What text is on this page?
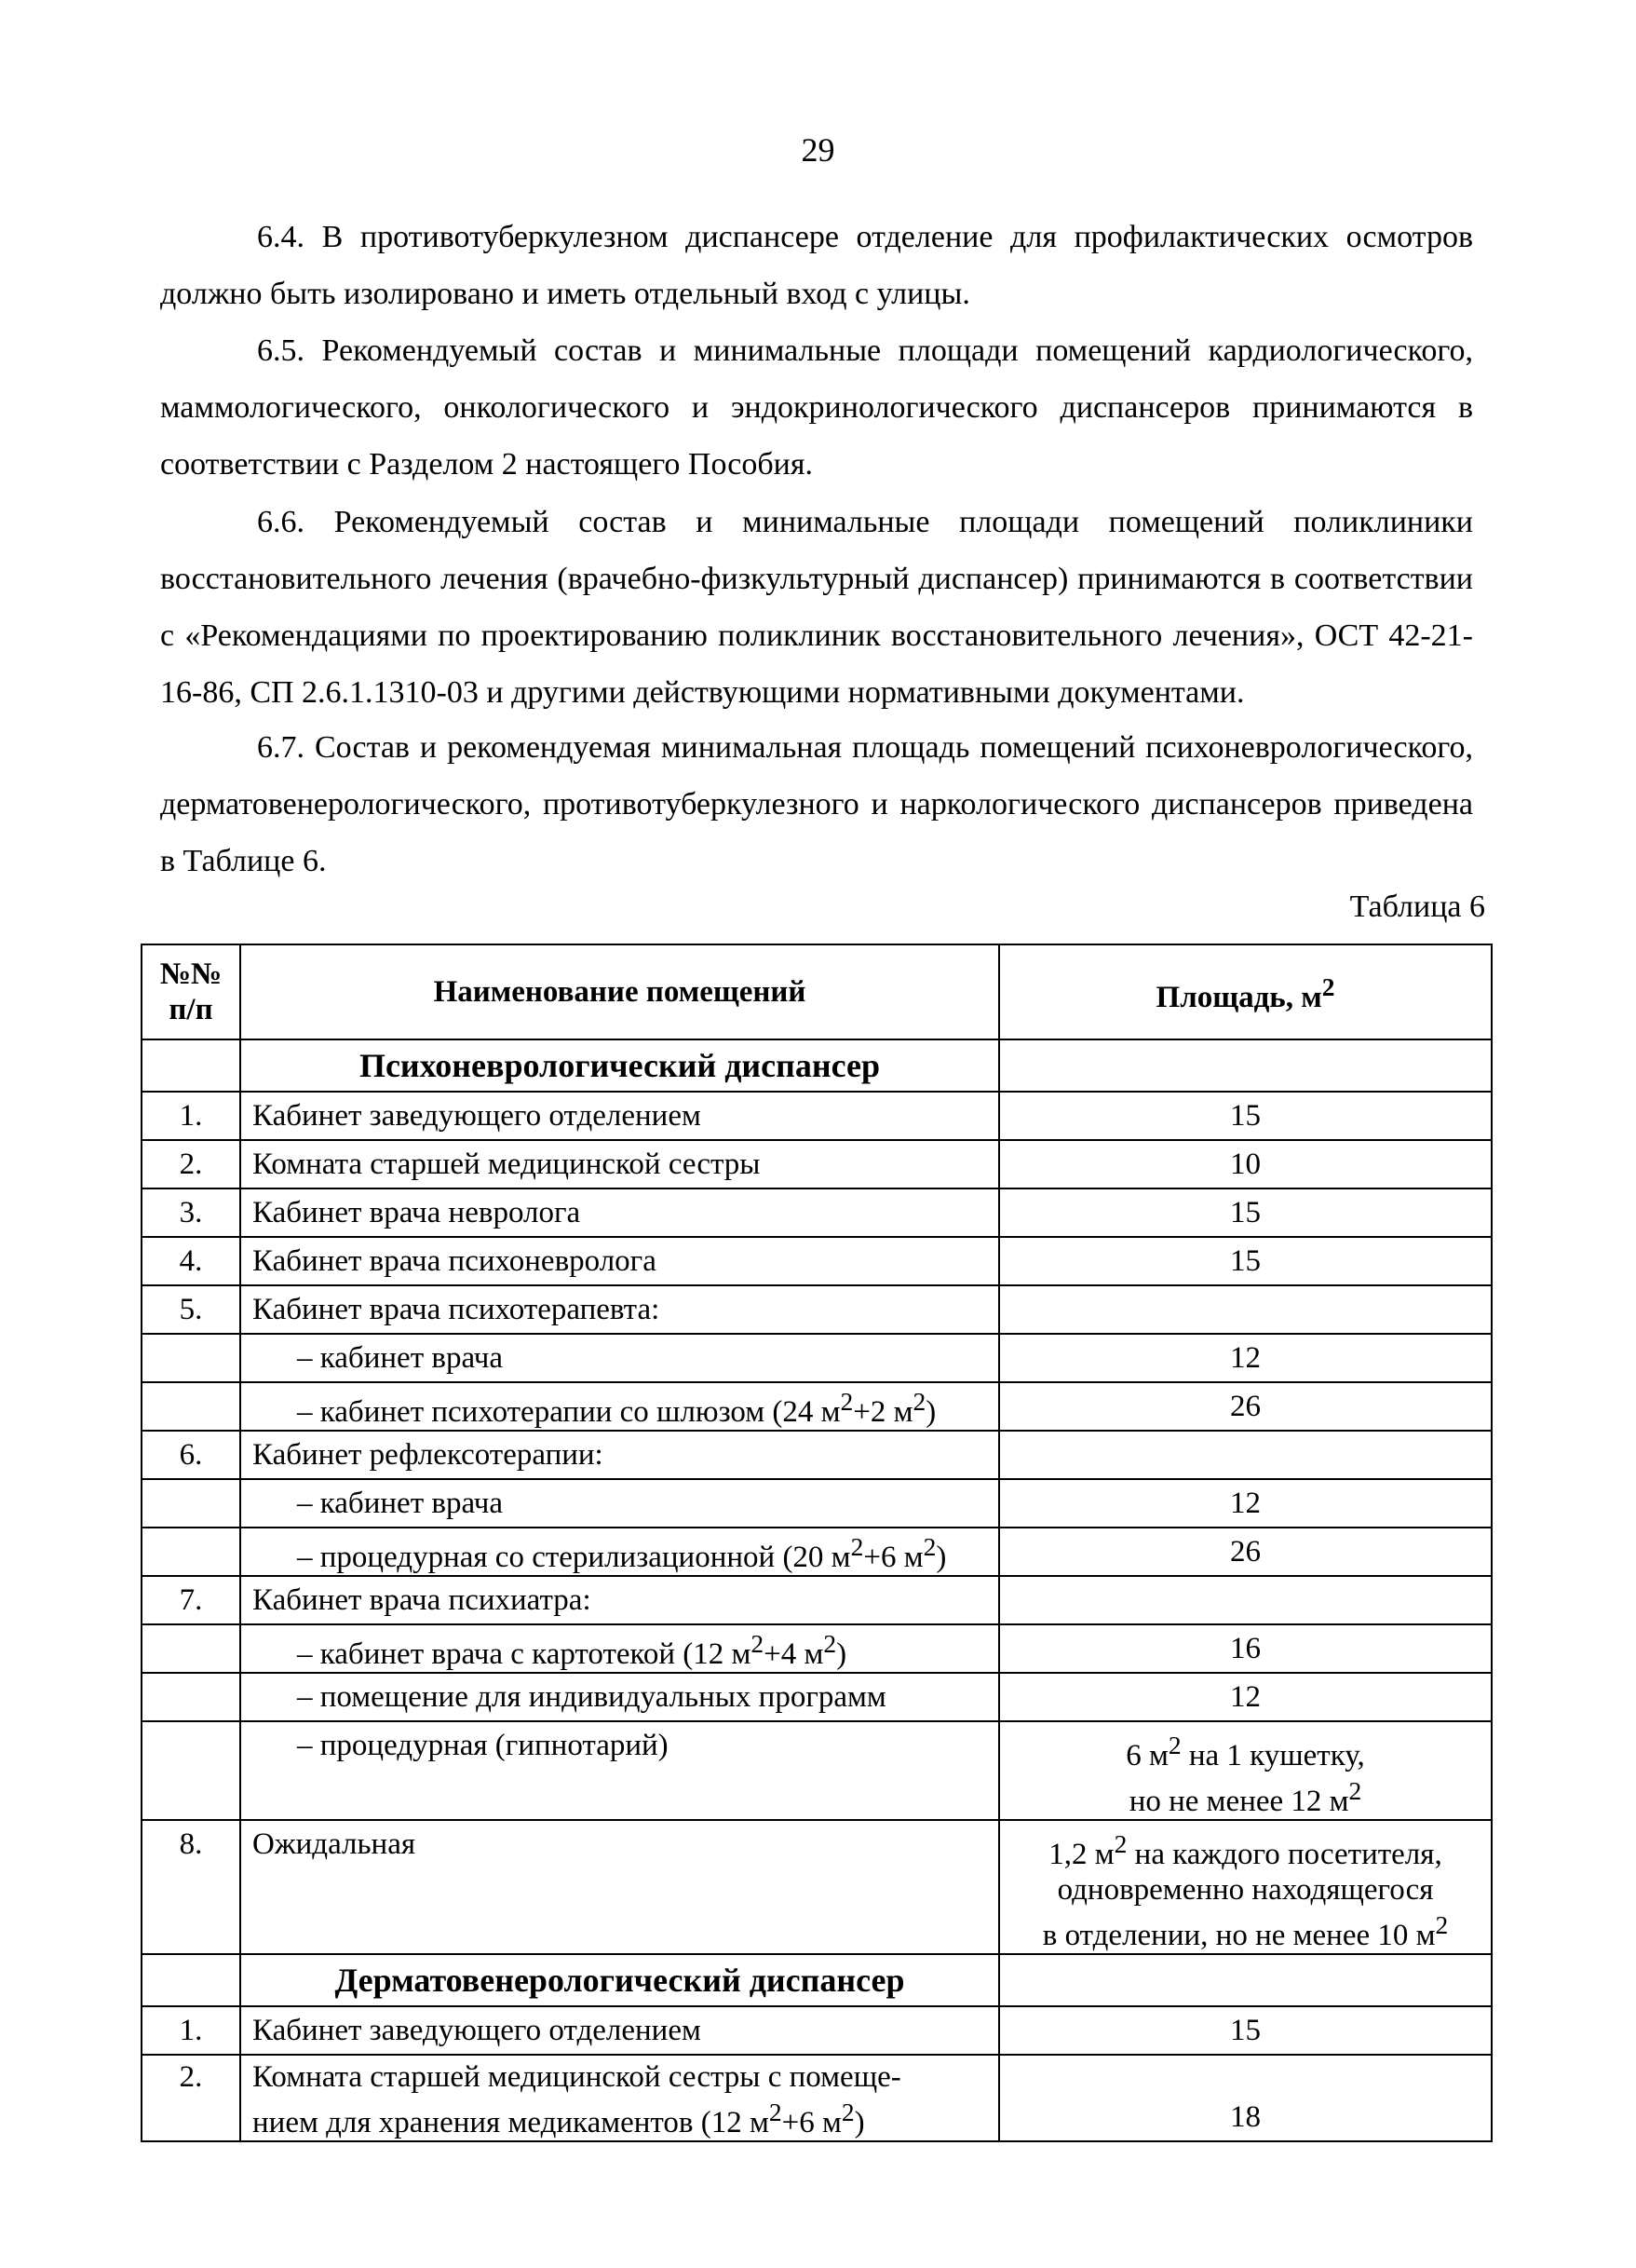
29

6.4. В противотуберкулезном диспансере отделение для профилактических осмотров должно быть изолировано и иметь отдельный вход с улицы.

6.5. Рекомендуемый состав и минимальные площади помещений кардиологического, маммологического, онкологического и эндокринологического диспансеров принимаются в соответствии с Разделом 2 настоящего Пособия.

6.6. Рекомендуемый состав и минимальные площади помещений поликлиники восстановительного лечения (врачебно-физкультурный диспансер) принимаются в соответствии с «Рекомендациями по проектированию поликлиник восстановительного лечения», ОСТ 42-21-16-86, СП 2.6.1.1310-03 и другими действующими нормативными документами.

6.7. Состав и рекомендуемая минимальная площадь помещений психоневрологического, дерматовенерологического, противотуберкулезного и наркологического диспансеров приведена в Таблице 6.

Таблица 6
№№
п/п	Наименование помещений	Площадь, $м^2$
	Психоневрологический диспансер	
1.	Кабинет заведующего отделением	15
2.	Комната старшей медицинской сестры	10
3.	Кабинет врача невролога	15
4.	Кабинет врача психоневролога	15
5.	Кабинет врача психотерапевта:	
	– кабинет врача	12
	– кабинет психотерапии со шлюзом (24 $м^2+2$ $м^2$)	26
6.	Кабинет рефлексотерапии:	
	– кабинет врача	12
	– процедурная со стерилизационной (20 $м^2+6$ $м^2$)	26
7.	Кабинет врача психиатра:	
	– кабинет врача с картотекой (12 $м^2+4$ $м^2$)	16
	– помещение для индивидуальных программ	12
	– процедурная (гипнотарий)	6 $м^2$ на 1 кушетку,
но не менее 12 $м^2$
8.	Ожидальная	1,2 $м^2$ на каждого посетителя,
одновременно находящегося
в отделении, но не менее 10 $м^2$
	Дерматовенерологический диспансер	
1.	Кабинет заведующего отделением	15
2.	Комната старшей медицинской сестры с помеще-
нием для хранения медикаментов (12 $м^2+6$ $м^2$)	18
